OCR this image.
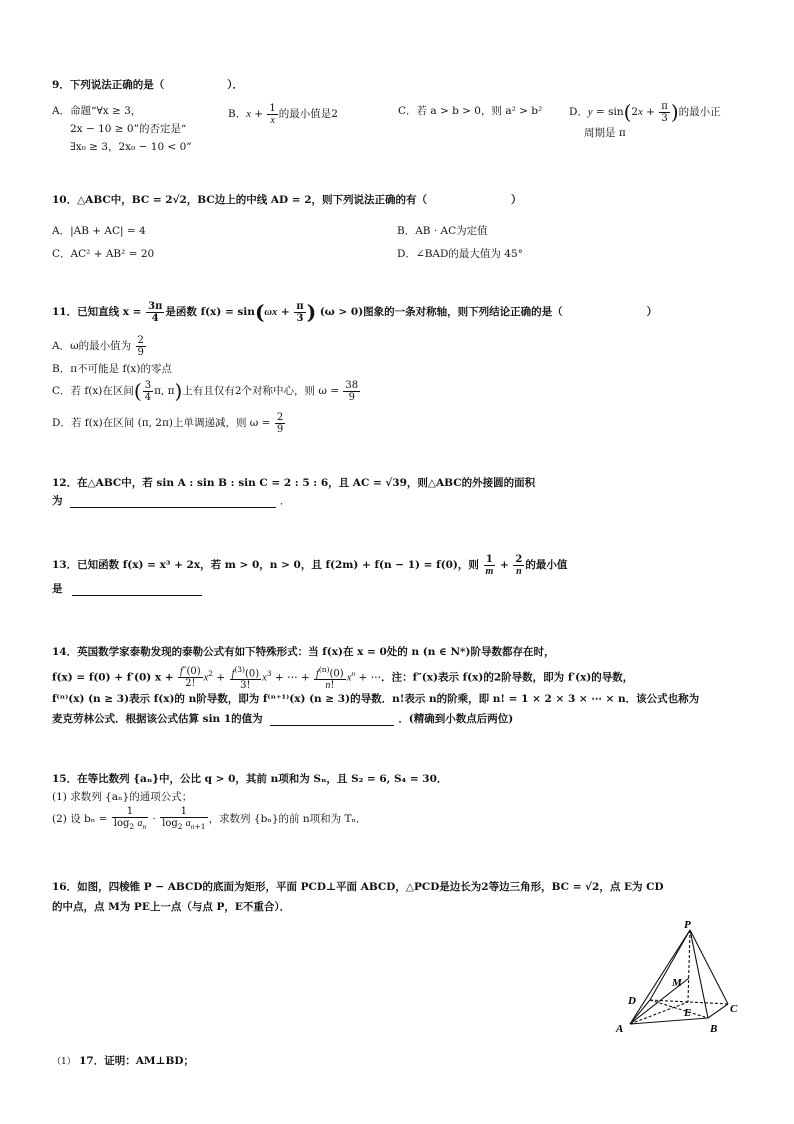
9．下列说法正确的是（　　　　　　）．
A．命题“∀x ≥ 3，
2x − 10 ≥ 0”的否定是“
∃x₀ ≥ 3，2x₀ − 10 < 0”
B．$x + \frac{1}{x}$ 的最小值是2	C．若 a > b > 0，则 a² > b²	D．$y = \sin(2x + \frac{\pi}{3}$ )的最小正
周期是 π
10．△ABC中，BC = 2√2，BC边上的中线 AD = 2，则下列说法正确的有（　　　　　　　　）
A．|AB + AC| = 4	B．AB · AC为定值
C．AC² + AB² = 20	D．∠BAD的最大值为 45°
11．已知直线 $x = \frac{3\pi}{4}$ 是函数 $f(x) = \sin(\omega x + \frac{\pi}{3}$ ) (ω > 0)图象的一条对称轴，则下列结论正确的是（　　　　　　　　）
A．ω的最小值为 $\frac{2}{9}$
B．π不可能是 f(x)的零点
C．若 f(x)在区间( $\frac{3}{4} \pi$, π)上有且仅有2个对称中心，则 $\omega = \frac{38}{9}$
D．若 f(x)在区间 (π, 2π)上单调递减，则 $\omega = \frac{2}{9}$
12．在△ABC中，若 sin A : sin B : sin C = 2 : 5 : 6，且 AC = √39，则△ABC的外接圆的面积
为	．
13．已知函数 f(x) = x³ + 2x，若 m > 0，n > 0，且 f(2m) + f(n − 1) = f(0)，则 $\frac{1}{m} + \frac{2}{n}$ 的最小值
是
14．英国数学家泰勒发现的泰勒公式有如下特殊形式：当 f(x)在 x = 0处的 n (n ∈ N*)阶导数都存在时，
f(x) = f(0) + f′(0) $x + \frac{f''(0)}{2!} x^2 + \frac{f^{(3)}(0)}{3!} x^3$ + ⋯ + $\frac{f^{(n)}(0)}{n!} x^n$ + ⋯．注：f″(x)表示 f(x)的2阶导数，即为 f′(x)的导数，
f⁽ⁿ⁾(x) (n ≥ 3)表示 f(x)的 n阶导数，即为 f⁽ⁿ⁺¹⁾(x) (n ≥ 3)的导数．n!表示 n的阶乘，即 n! = 1 × 2 × 3 × ⋯ × n．该公式也称为
麦克劳林公式．根据该公式估算 sin 1的值为	．(精确到小数点后两位)
15．在等比数列 {aₙ}中，公比 q > 0，其前 n项和为 Sₙ，且 S₂ = 6, S₄ = 30．
(1) 求数列 {aₙ}的通项公式；
(2) 设 $b_n = \frac{1}{\log_2 a_n} \cdot \frac{1}{\log_2 a_{n+1}}$ ，求数列 {bₙ}的前 n项和为 Tₙ．
16．如图，四棱锥 P − ABCD的底面为矩形，平面 PCD⊥平面 ABCD，△PCD是边长为2等边三角形，BC = √2，点 E为 CD
的中点，点 M为 PE上一点（与点 P，E不重合）．
P
M
D
C
E
A	B
（1） 17．证明：AM⊥BD；
